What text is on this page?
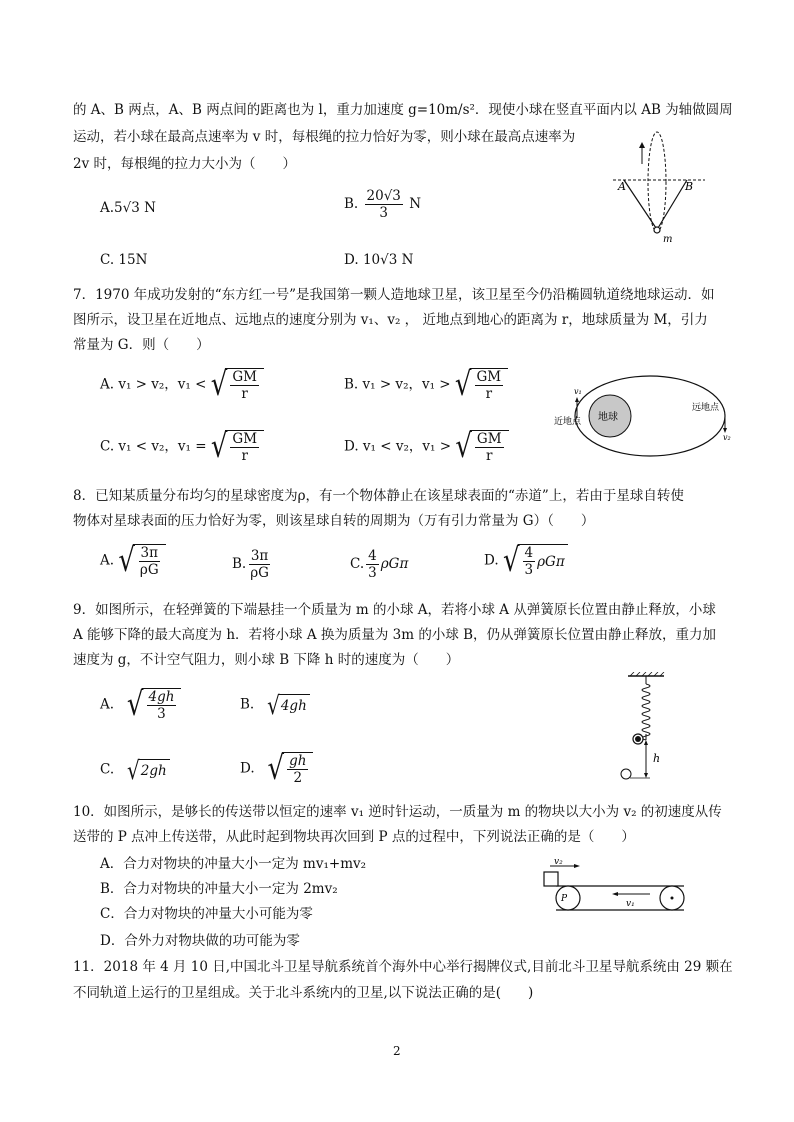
的 A、B 两点，A、B 两点间的距离也为 l，重力加速度 g=10m/s²．现使小球在竖直平面内以 AB 为轴做圆周
运动，若小球在最高点速率为 v 时，每根绳的拉力恰好为零，则小球在最高点速率为
2v 时，每根绳的拉力大小为（　　）
A.5√3 N	B. $\frac{20√3}{3}$ N
C. 15N	D. 10√3 N
A	B
m
7．1970 年成功发射的“东方红一号”是我国第一颗人造地球卫星，该卫星至今仍沿椭圆轨道绕地球运动．如
图所示，设卫星在近地点、远地点的速度分别为 v₁、v₂ ， 近地点到地心的距离为 r，地球质量为 M，引力
常量为 G．则（　　）
A. v₁ > v₂，v₁ < √ $\frac{GM}{r}$	B. v₁ > v₂，v₁ > √ $\frac{GM}{r}$
C. v₁ < v₂，v₁ = √ $\frac{GM}{r}$	D. v₁ < v₂，v₁ > √ $\frac{GM}{r}$
地球
v₁
近地点
远地点
v₂
8．已知某质量分布均匀的星球密度为ρ，有一个物体静止在该星球表面的“赤道”上，若由于星球自转使
物体对星球表面的压力恰好为零，则该星球自转的周期为（万有引力常量为 G）（　　）
A. √ $\frac{3\pi}{\rho G}$	B. $\frac{3\pi}{\rho G}$	C. $\frac{4}{3}$ ρGπ	D. √ $\frac{4}{3}$ ρGπ
9．如图所示，在轻弹簧的下端悬挂一个质量为 m 的小球 A，若将小球 A 从弹簧原长位置由静止释放，小球
A 能够下降的最大高度为 h．若将小球 A 换为质量为 3m 的小球 B，仍从弹簧原长位置由静止释放，重力加
速度为 g，不计空气阻力，则小球 B 下降 h 时的速度为（　　）
A. √ $\frac{4gh}{3}$	B. √ 4gh
C. √ 2gh	D. √ $\frac{gh}{2}$	h
10．如图所示，是够长的传送带以恒定的速率 v₁ 逆时针运动，一质量为 m 的物块以大小为 v₂ 的初速度从传
送带的 P 点冲上传送带，从此时起到物块再次回到 P 点的过程中，下列说法正确的是（　　）
A．合力对物块的冲量大小一定为 mv₁+mv₂
B．合力对物块的冲量大小一定为 2mv₂
C．合力对物块的冲量大小可能为零
D．合外力对物块做的功可能为零
v₂
v₁
P
11．2018 年 4 月 10 日,中国北斗卫星导航系统首个海外中心举行揭牌仪式,目前北斗卫星导航系统由 29 颗在
不同轨道上运行的卫星组成。关于北斗系统内的卫星,以下说法正确的是(　　)
2
